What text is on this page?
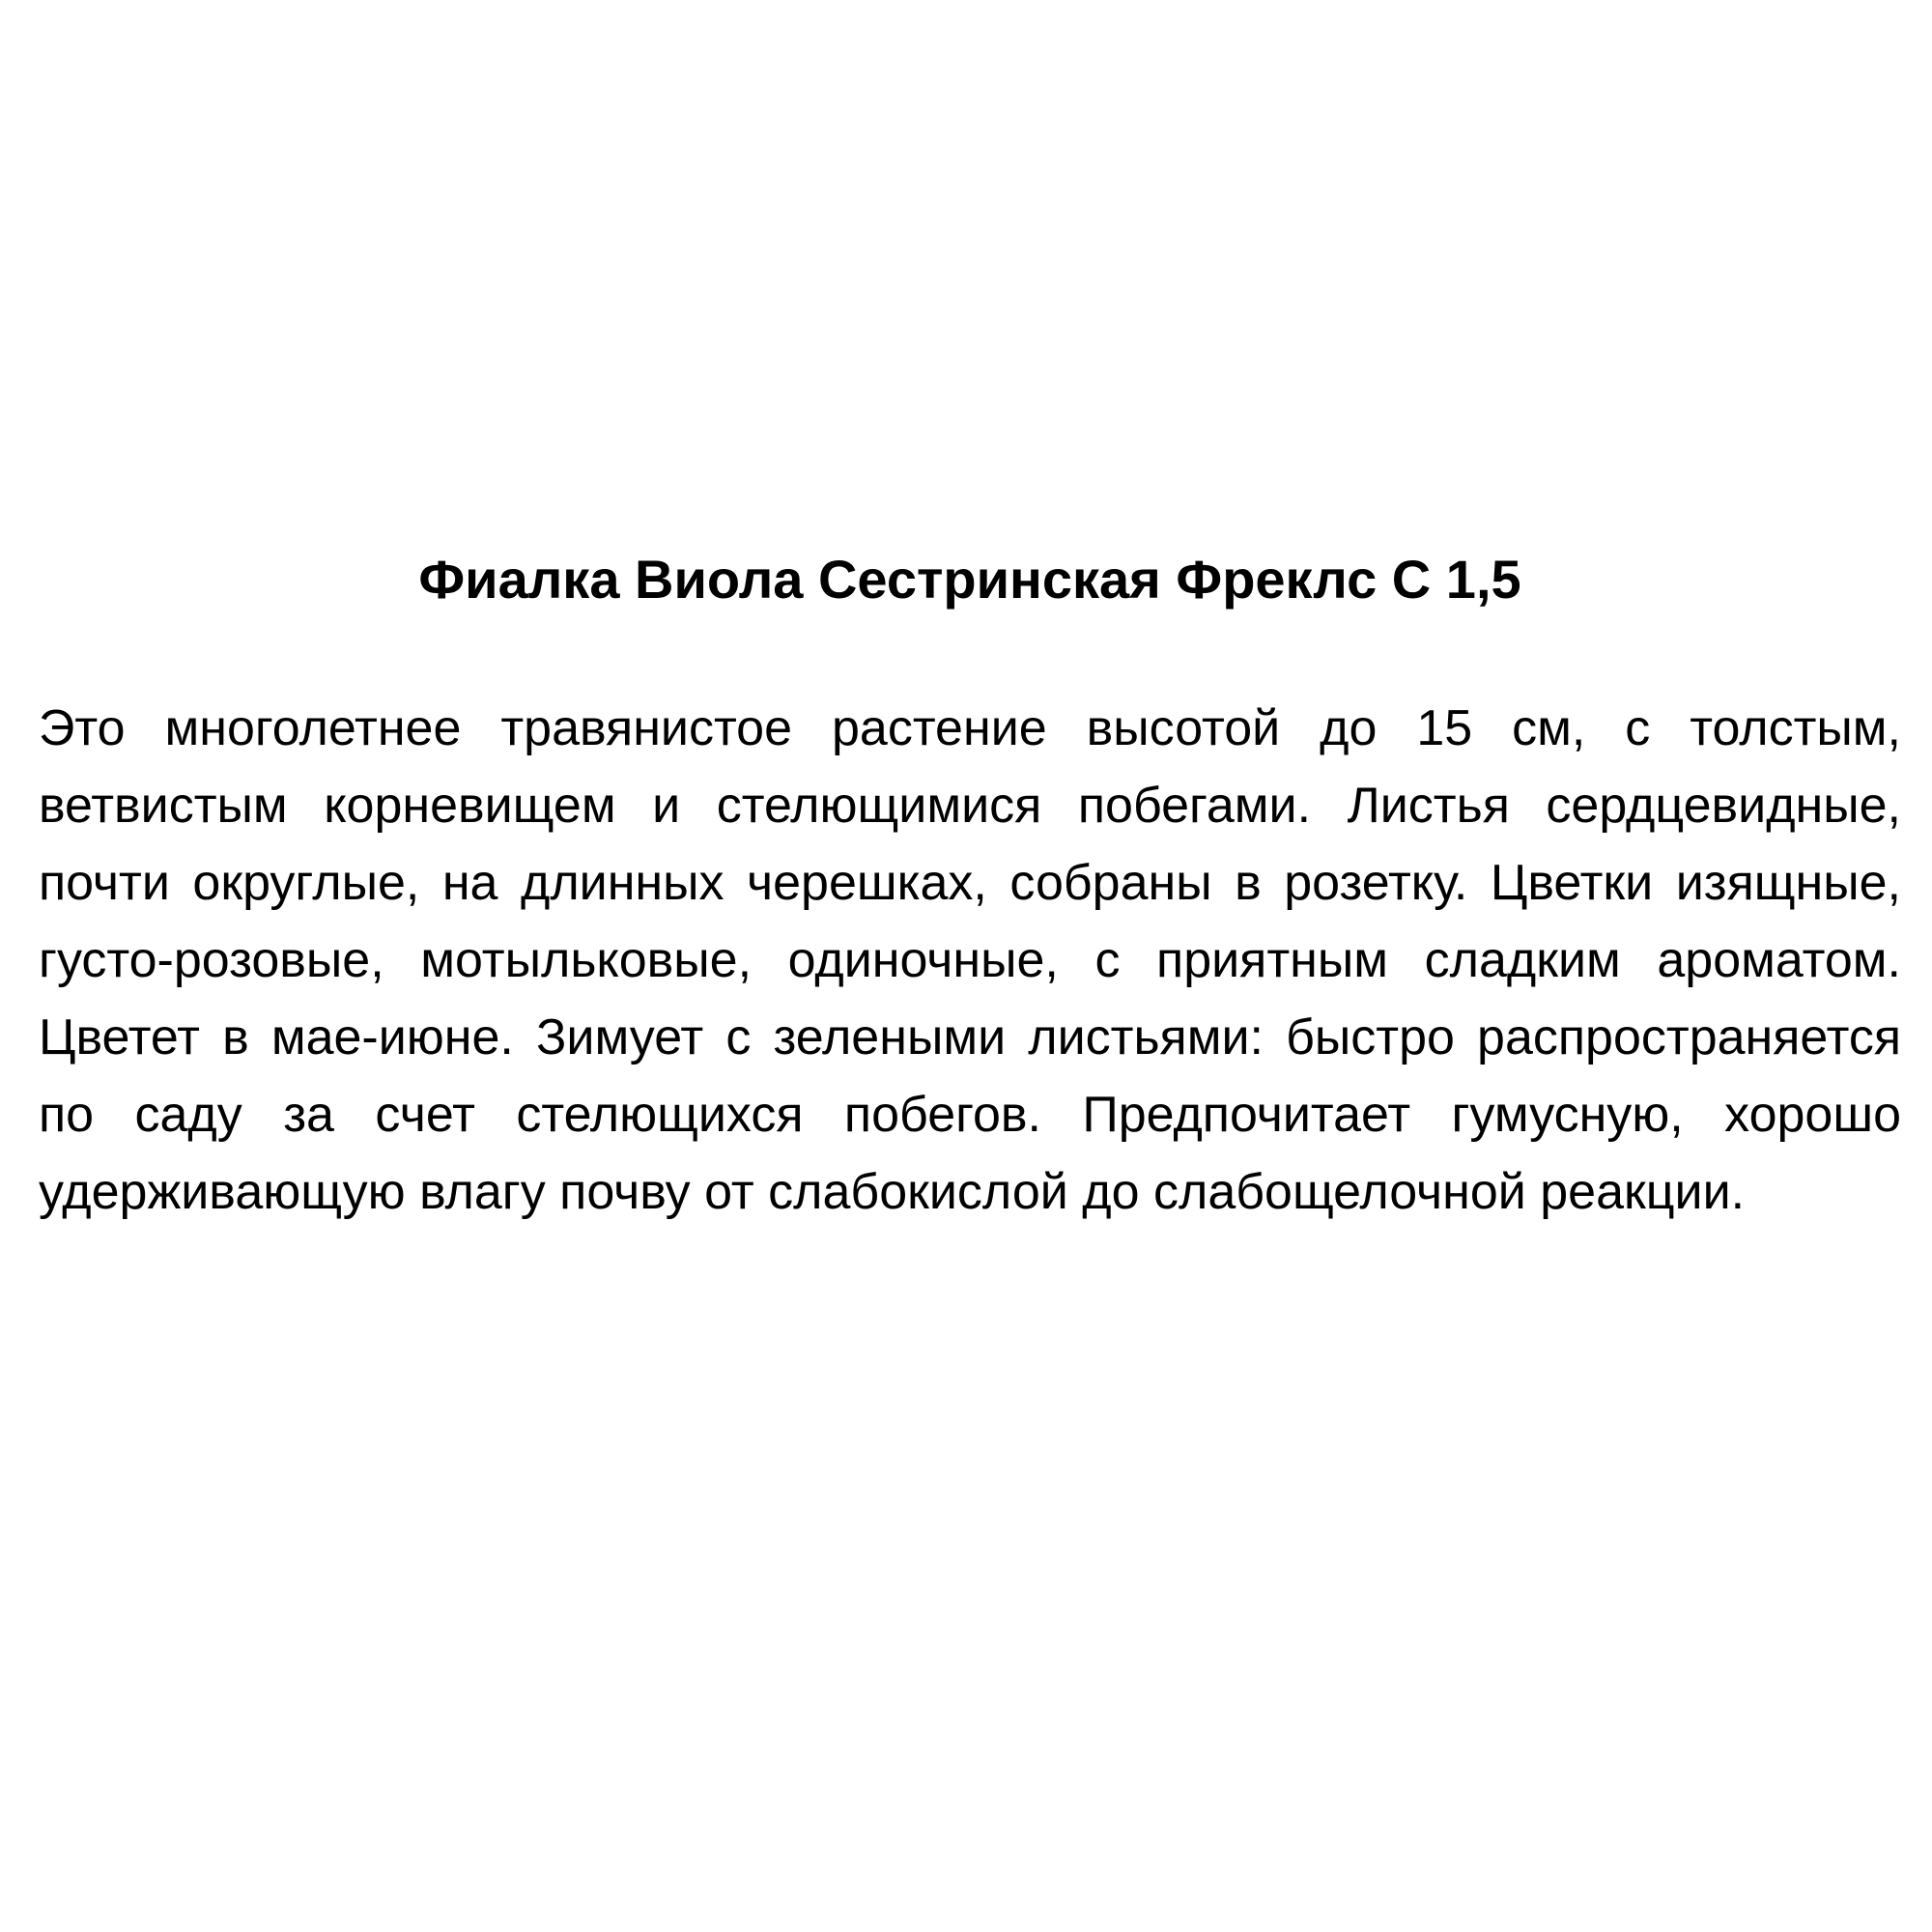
Фиалка Виола Сестринская Фреклс С 1,5

Это многолетнее травянистое растение высотой до 15 см, с толстым, ветвистым корневищем и стелющимися побегами. Листья сердцевидные, почти округлые, на длинных черешках, собраны в розетку. Цветки изящные, густо-розовые, мотыльковые, одиночные, с приятным сладким ароматом. Цветет в мае-июне. Зимует с зелеными листьями: быстро распространяется по саду за счет стелющихся побегов. Предпочитает гумусную, хорошо удерживающую влагу почву от слабокислой до слабощелочной реакции.
